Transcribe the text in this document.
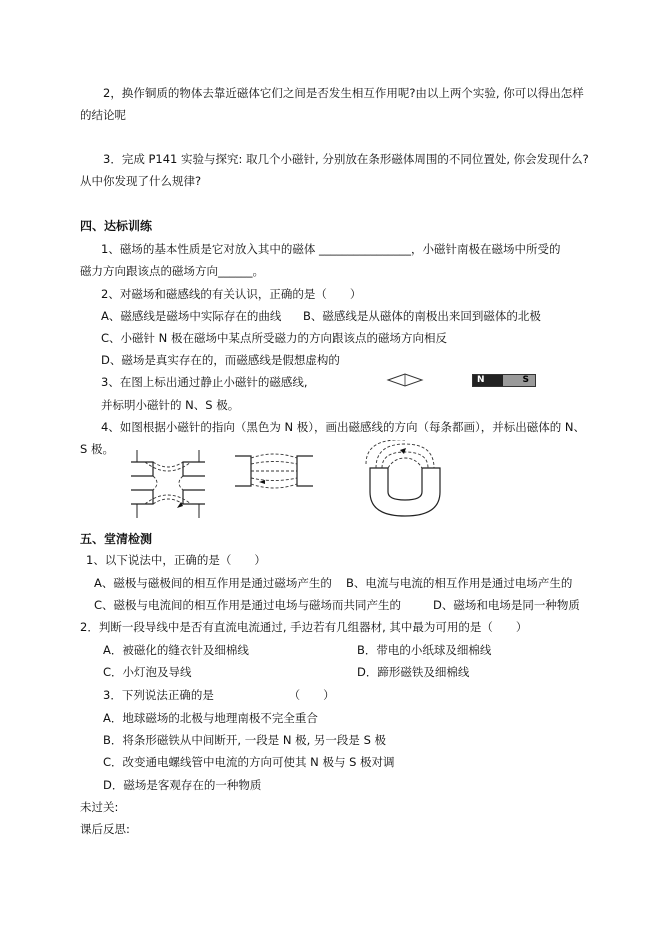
2，换作铜质的物体去靠近磁体它们之间是否发生相互作用呢?由以上两个实验, 你可以得出怎样
的结论呢
3．完成 P141 实验与探究: 取几个小磁针, 分别放在条形磁体周围的不同位置处, 你会发现什么?
从中你发现了什么规律?
四、达标训练
1、磁场的基本性质是它对放入其中的磁体 ________________，小磁针南极在磁场中所受的
磁力方向跟该点的磁场方向______。
2、对磁场和磁感线的有关认识，正确的是（　　）
A、磁感线是磁场中实际存在的曲线 B、磁感线是从磁体的南极出来回到磁体的北极
C、小磁针 N 极在磁场中某点所受磁力的方向跟该点的磁场方向相反
D、磁场是真实存在的，而磁感线是假想虚构的
3、在图上标出通过静止小磁针的磁感线,
并标明小磁针的 N、S 极。
N	S
4、如图根据小磁针的指向（黑色为 N 极），画出磁感线的方向（每条都画），并标出磁体的 N、
S 极。
五、堂清检测
1、以下说法中，正确的是（　　）
A、磁极与磁极间的相互作用是通过磁场产生的 B、电流与电流的相互作用是通过电场产生的
C、磁极与电流间的相互作用是通过电场与磁场而共同产生的	D、磁场和电场是同一种物质
2．判断一段导线中是否有直流电流通过, 手边若有几组器材, 其中最为可用的是（　　）
A．被磁化的缝衣针及细棉线	B．带电的小纸球及细棉线
C．小灯泡及导线	D．蹄形磁铁及细棉线
3．下列说法正确的是　　　　　　　（　　）
A．地球磁场的北极与地理南极不完全重合
B．将条形磁铁从中间断开, 一段是 N 极, 另一段是 S 极
C．改变通电螺线管中电流的方向可使其 N 极与 S 极对调
D．磁场是客观存在的一种物质
未过关:
课后反思:
